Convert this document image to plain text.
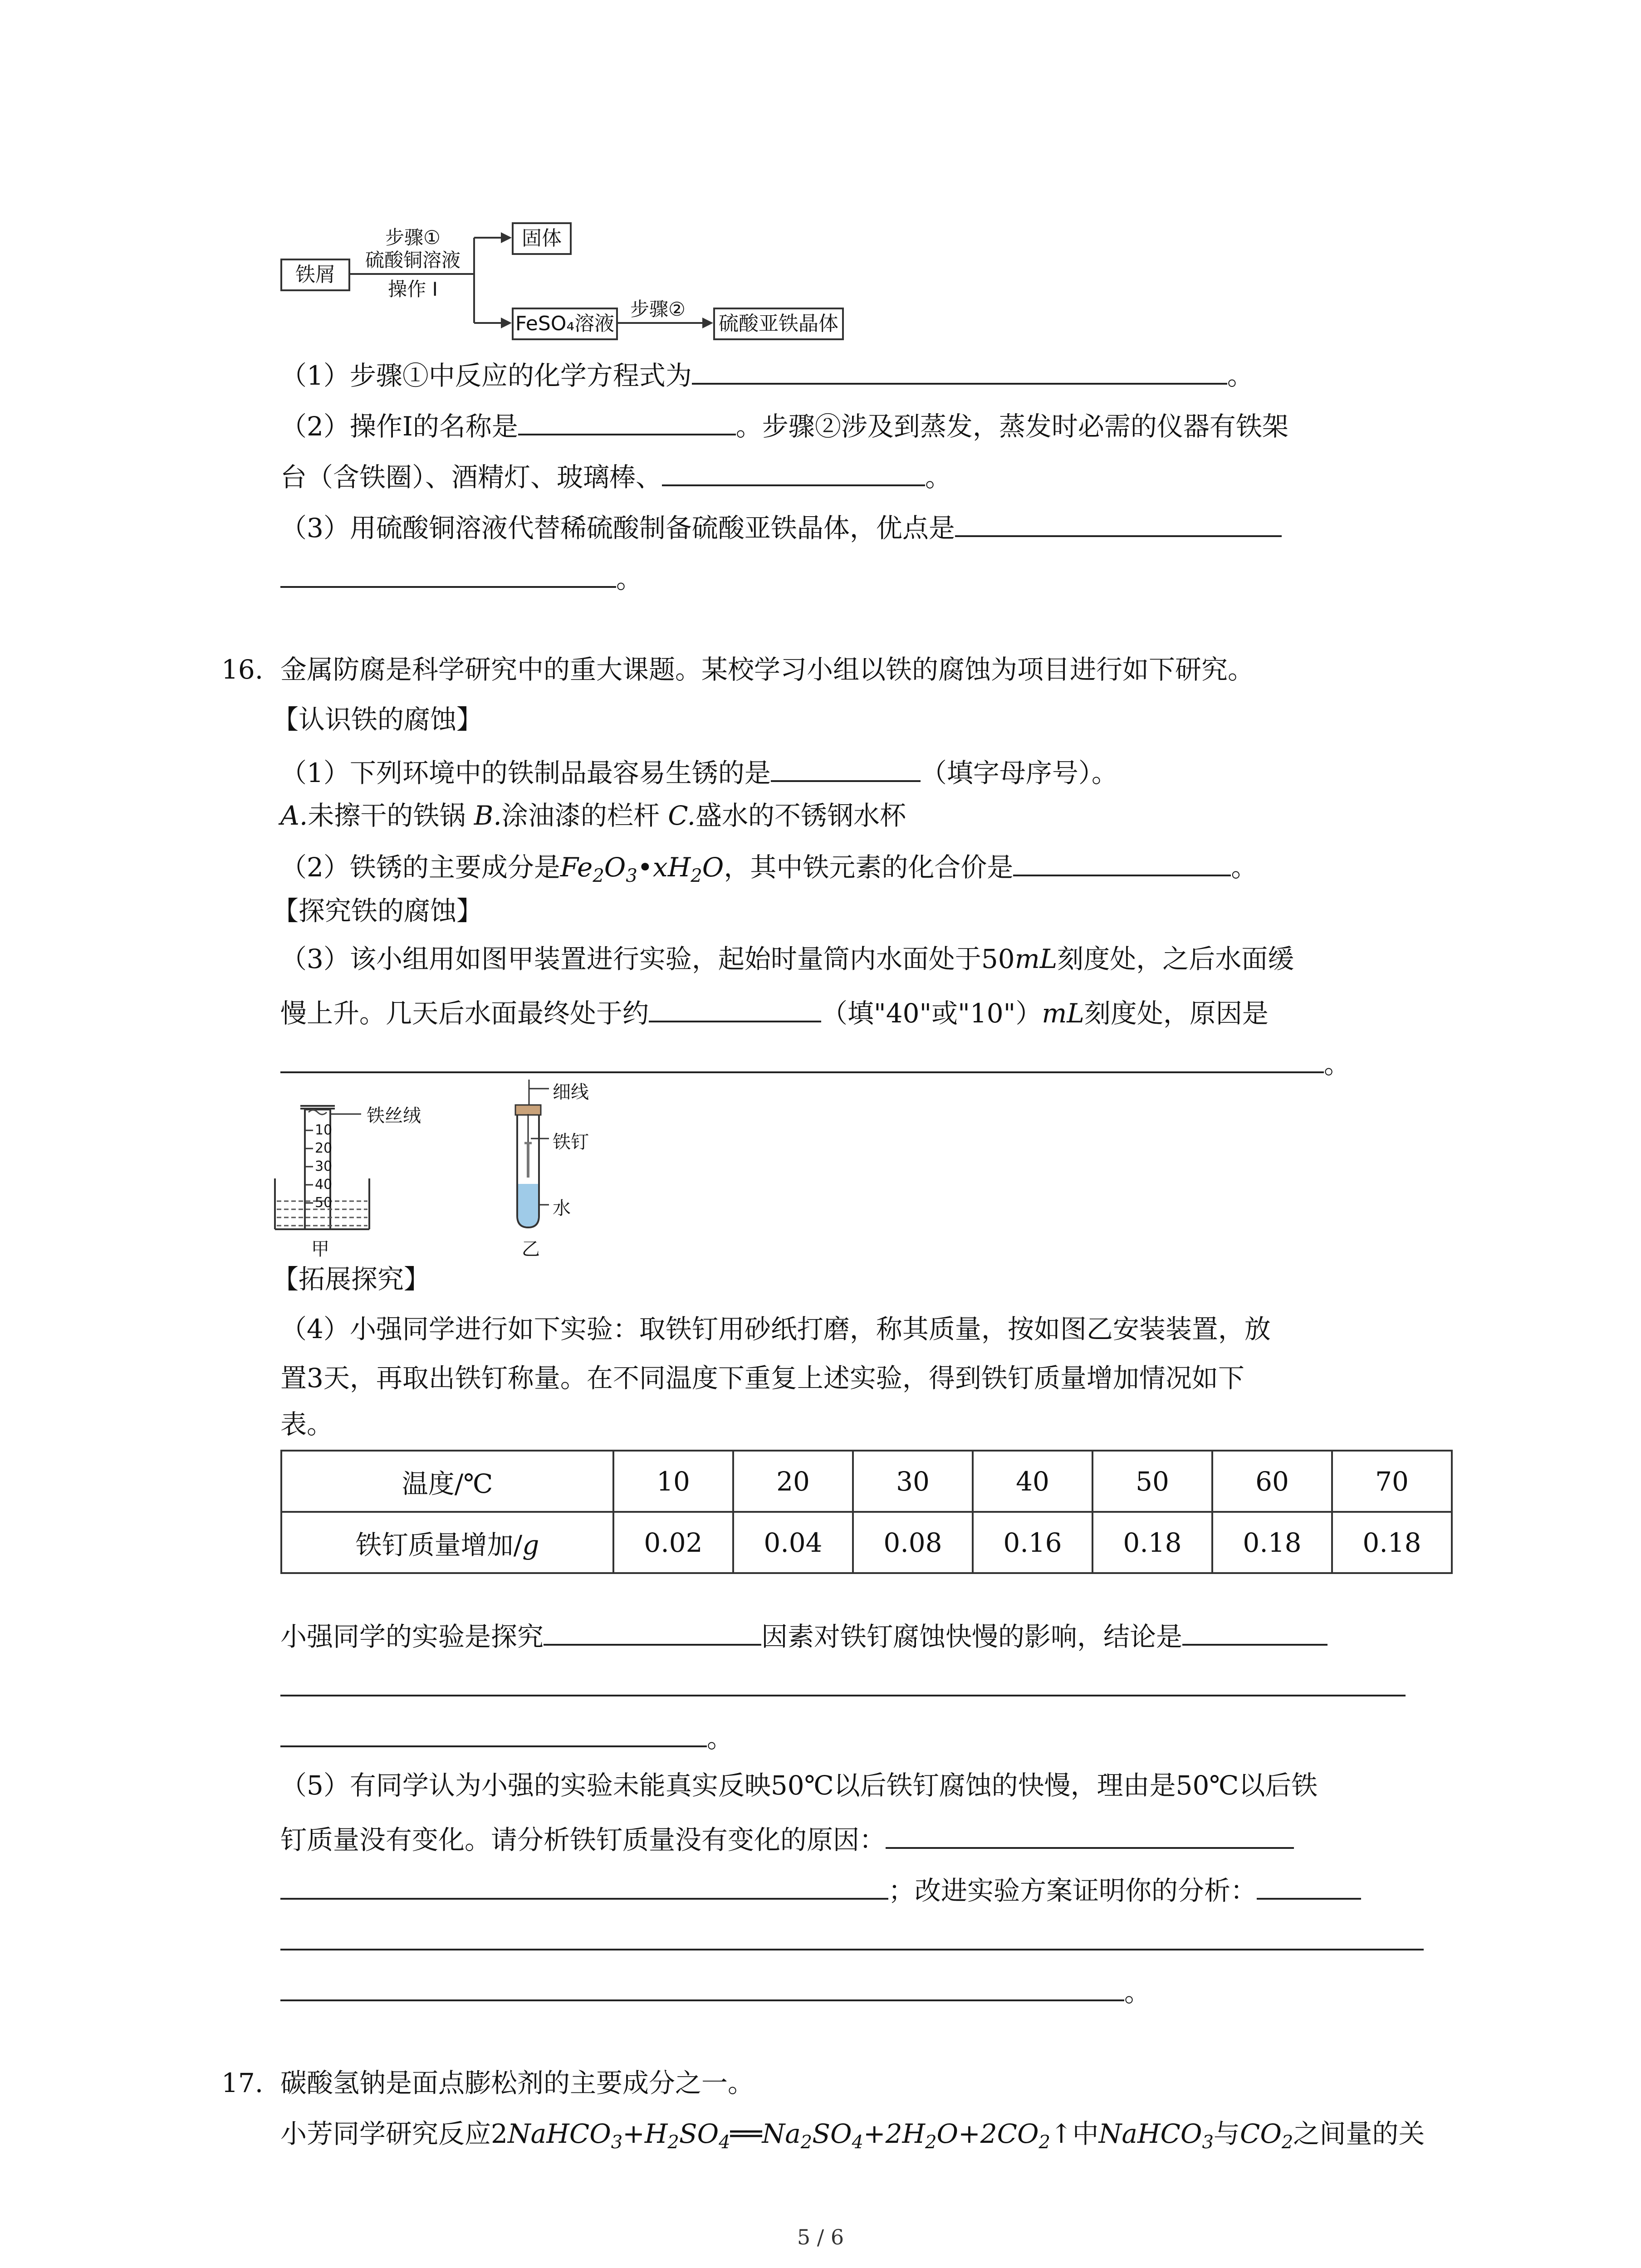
铁屑
步骤①
硫酸铜溶液
操作 I
固体
FeSO₄溶液
步骤②
硫酸亚铁晶体
（1）步骤①中反应的化学方程式为	。
（2）操作Ⅰ的名称是	。步骤②涉及到蒸发，蒸发时必需的仪器有铁架
台（含铁圈）、酒精灯、玻璃棒、	。
（3）用硫酸铜溶液代替稀硫酸制备硫酸亚铁晶体，优点是
。
16. 金属防腐是科学研究中的重大课题。某校学习小组以铁的腐蚀为项目进行如下研究。
【认识铁的腐蚀】
（1）下列环境中的铁制品最容易生锈的是	（填字母序号）。
A.未擦干的铁锅 B.涂油漆的栏杆 C.盛水的不锈钢水杯
（2）铁锈的主要成分是$Fe_2O_3•xH_2O$，其中铁元素的化合价是	。
【探究铁的腐蚀】
（3）该小组用如图甲装置进行实验，起始时量筒内水面处于50mL刻度处，之后水面缓
慢上升。几天后水面最终处于约	（填"40"或"10"）mL刻度处，原因是
。
铁丝绒
10
20
30
40
50
甲
细线
铁钉
水
乙
【拓展探究】
（4）小强同学进行如下实验：取铁钉用砂纸打磨，称其质量，按如图乙安装装置，放
置3天，再取出铁钉称量。在不同温度下重复上述实验，得到铁钉质量增加情况如下
表。
温度/℃	10	20	30	40	50	60	70
铁钉质量增加/g	0.02	0.04	0.08	0.16	0.18	0.18	0.18
小强同学的实验是探究	因素对铁钉腐蚀快慢的影响，结论是
。
（5）有同学认为小强的实验未能真实反映50℃以后铁钉腐蚀的快慢，理由是50℃以后铁
钉质量没有变化。请分析铁钉质量没有变化的原因：
；改进实验方案证明你的分析：
。
17. 碳酸氢钠是面点膨松剂的主要成分之一。
小芳同学研究反应$2NaHCO_3+H_2SO_4══Na_2SO_4+2H_2O+2CO_2↑$中NaHCO$_3$与$CO_2$之间量的关
5 / 6
